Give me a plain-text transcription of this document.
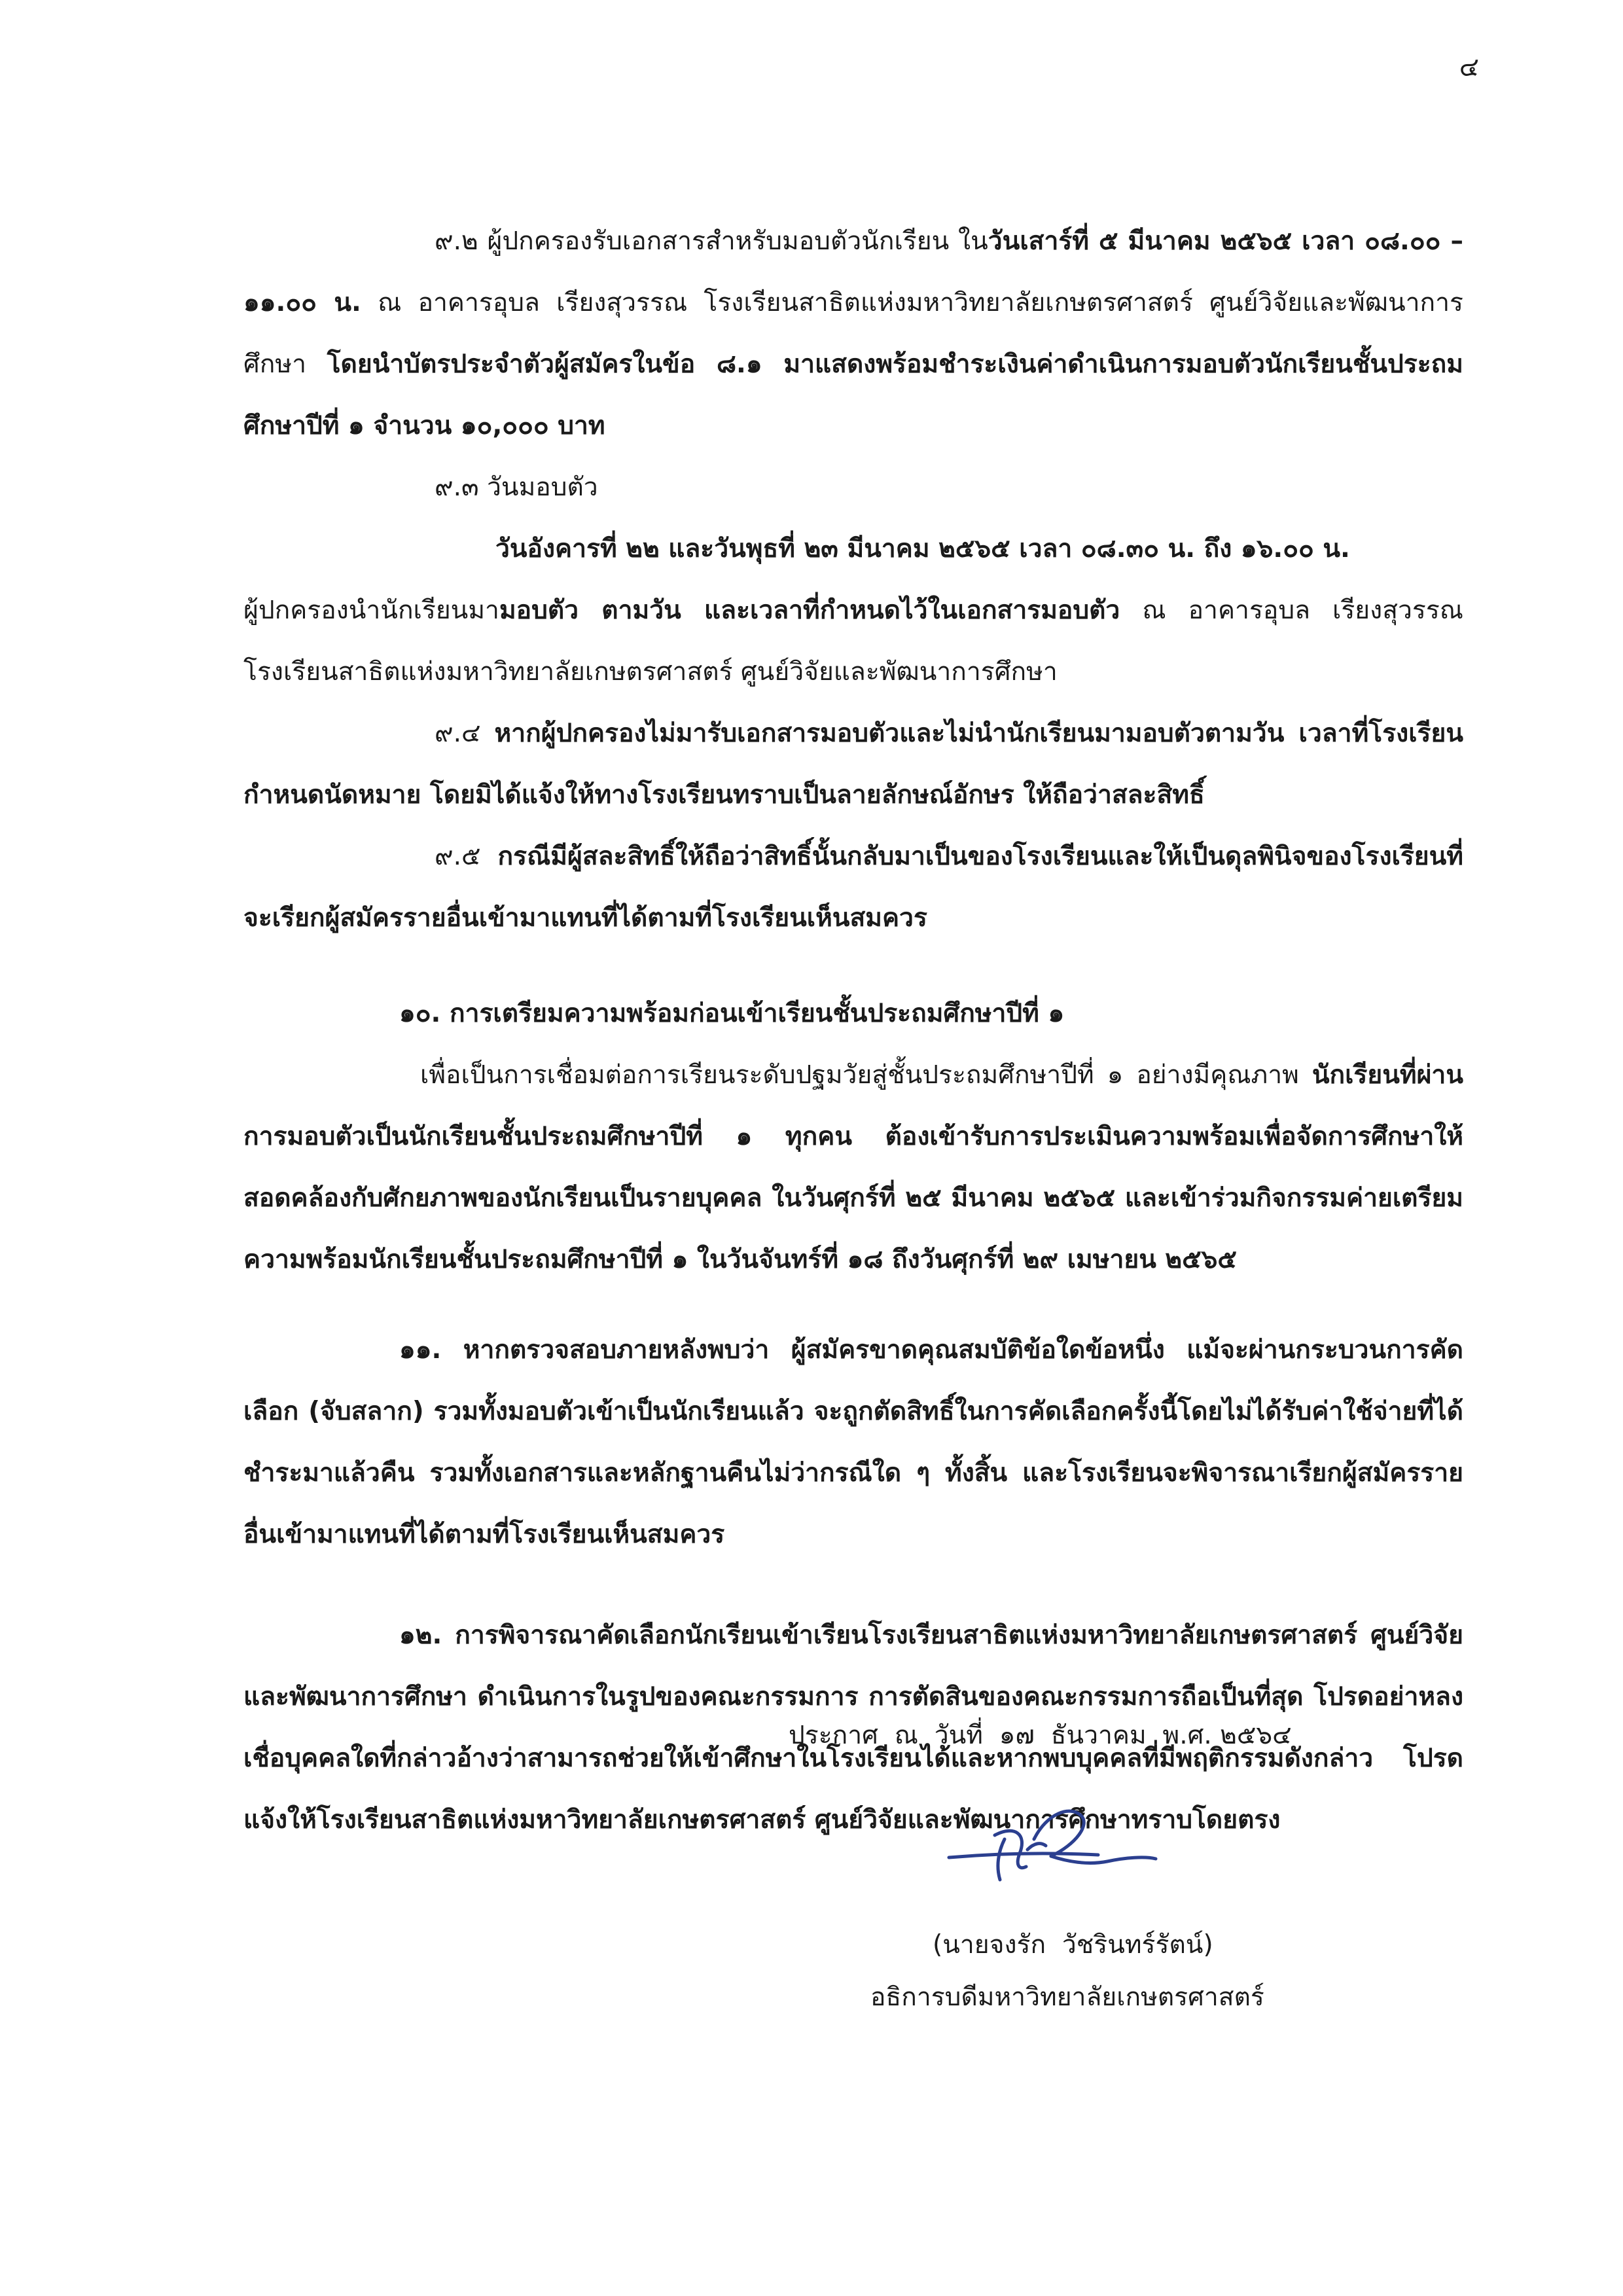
๔

๙.๒ ผู้ปกครองรับเอกสารสำหรับมอบตัวนักเรียน ในวันเสาร์ที่ ๕ มีนาคม ๒๕๖๕ เวลา ๐๘.๐๐ – ๑๑.๐๐ น. ณ อาคารอุบล เรียงสุวรรณ โรงเรียนสาธิตแห่งมหาวิทยาลัยเกษตรศาสตร์ ศูนย์วิจัยและพัฒนาการศึกษา โดยนำบัตรประจำตัวผู้สมัครในข้อ ๘.๑ มาแสดงพร้อมชำระเงินค่าดำเนินการมอบตัวนักเรียนชั้นประถมศึกษาปีที่ ๑ จำนวน ๑๐,๐๐๐ บาท

๙.๓ วันมอบตัว

วันอังคารที่ ๒๒ และวันพุธที่ ๒๓ มีนาคม ๒๕๖๕ เวลา ๐๘.๓๐ น. ถึง ๑๖.๐๐ น.

ผู้ปกครองนำนักเรียนมามอบตัว ตามวัน และเวลาที่กำหนดไว้ในเอกสารมอบตัว ณ อาคารอุบล เรียงสุวรรณ โรงเรียนสาธิตแห่งมหาวิทยาลัยเกษตรศาสตร์ ศูนย์วิจัยและพัฒนาการศึกษา

๙.๔ หากผู้ปกครองไม่มารับเอกสารมอบตัวและไม่นำนักเรียนมามอบตัวตามวัน เวลาที่โรงเรียนกำหนดนัดหมาย โดยมิได้แจ้งให้ทางโรงเรียนทราบเป็นลายลักษณ์อักษร ให้ถือว่าสละสิทธิ์

๙.๕ กรณีมีผู้สละสิทธิ์ให้ถือว่าสิทธิ์นั้นกลับมาเป็นของโรงเรียนและให้เป็นดุลพินิจของโรงเรียนที่จะเรียกผู้สมัครรายอื่นเข้ามาแทนที่ได้ตามที่โรงเรียนเห็นสมควร

๑๐. การเตรียมความพร้อมก่อนเข้าเรียนชั้นประถมศึกษาปีที่ ๑

เพื่อเป็นการเชื่อมต่อการเรียนระดับปฐมวัยสู่ชั้นประถมศึกษาปีที่ ๑ อย่างมีคุณภาพ นักเรียนที่ผ่านการมอบตัวเป็นนักเรียนชั้นประถมศึกษาปีที่ ๑ ทุกคน ต้องเข้ารับการประเมินความพร้อมเพื่อจัดการศึกษาให้สอดคล้องกับศักยภาพของนักเรียนเป็นรายบุคคล ในวันศุกร์ที่ ๒๕ มีนาคม ๒๕๖๕ และเข้าร่วมกิจกรรมค่ายเตรียมความพร้อมนักเรียนชั้นประถมศึกษาปีที่ ๑ ในวันจันทร์ที่ ๑๘ ถึงวันศุกร์ที่ ๒๙ เมษายน ๒๕๖๕

๑๑. หากตรวจสอบภายหลังพบว่า ผู้สมัครขาดคุณสมบัติข้อใดข้อหนึ่ง แม้จะผ่านกระบวนการคัดเลือก (จับสลาก) รวมทั้งมอบตัวเข้าเป็นนักเรียนแล้ว จะถูกตัดสิทธิ์ในการคัดเลือกครั้งนี้โดยไม่ได้รับค่าใช้จ่ายที่ได้ชำระมาแล้วคืน รวมทั้งเอกสารและหลักฐานคืนไม่ว่ากรณีใด ๆ ทั้งสิ้น และโรงเรียนจะพิจารณาเรียกผู้สมัครรายอื่นเข้ามาแทนที่ได้ตามที่โรงเรียนเห็นสมควร

๑๒. การพิจารณาคัดเลือกนักเรียนเข้าเรียนโรงเรียนสาธิตแห่งมหาวิทยาลัยเกษตรศาสตร์ ศูนย์วิจัยและพัฒนาการศึกษา ดำเนินการในรูปของคณะกรรมการ การตัดสินของคณะกรรมการถือเป็นที่สุด โปรดอย่าหลงเชื่อบุคคลใดที่กล่าวอ้างว่าสามารถช่วยให้เข้าศึกษาในโรงเรียนได้และหากพบบุคคลที่มีพฤติกรรมดังกล่าว โปรดแจ้งให้โรงเรียนสาธิตแห่งมหาวิทยาลัยเกษตรศาสตร์ ศูนย์วิจัยและพัฒนาการศึกษาทราบโดยตรง

ประกาศ  ณ  วันที่  ๑๗  ธันวาคม  พ.ศ. ๒๕๖๔
(นายจงรัก  วัชรินทร์รัตน์)
อธิการบดีมหาวิทยาลัยเกษตรศาสตร์
